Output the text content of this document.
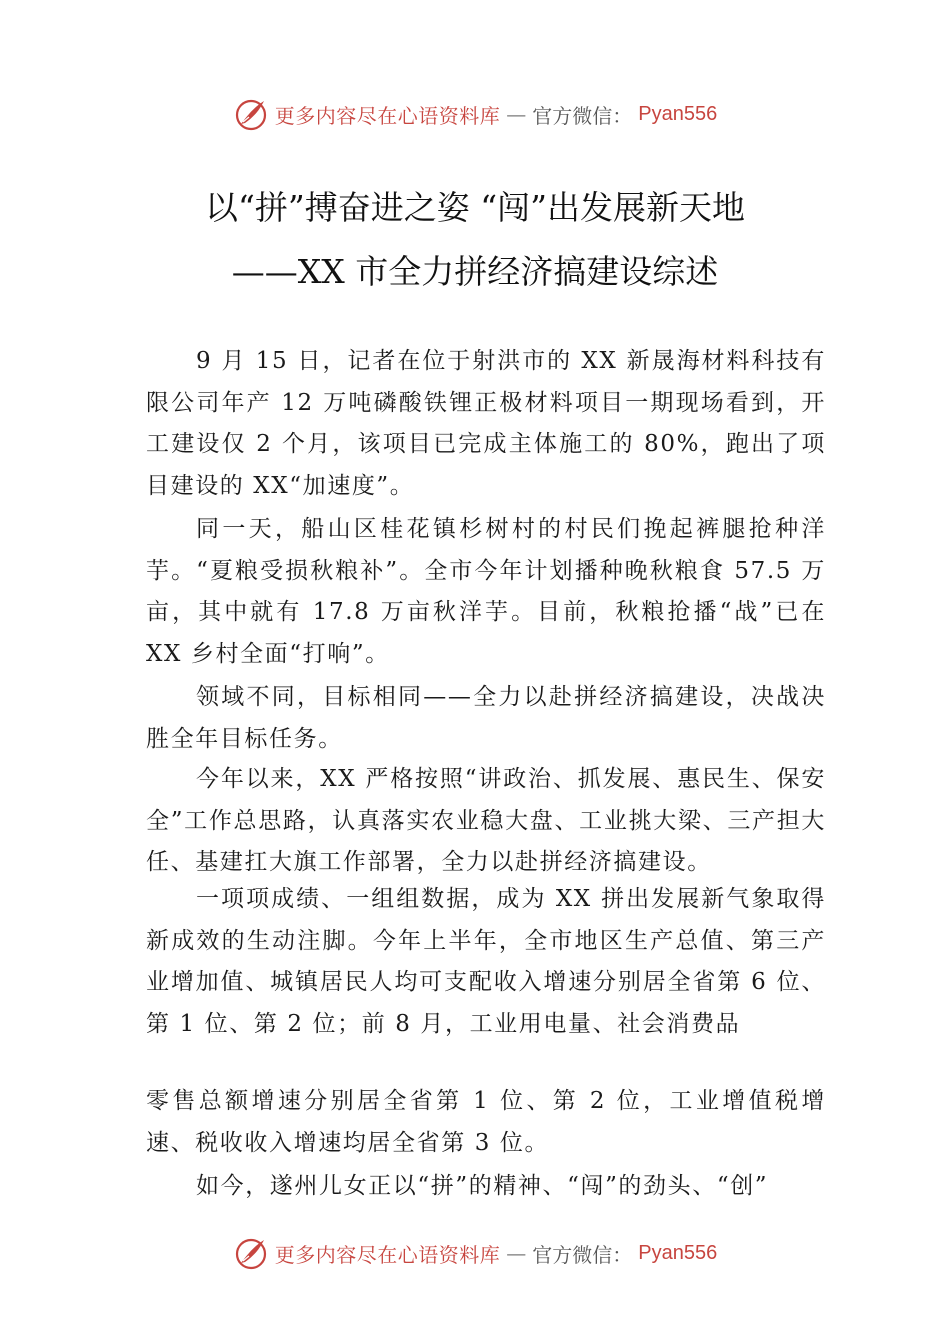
更多内容尽在心语资料库 — 官方微信： Pyan556
以“拼”搏奋进之姿 “闯”出发展新天地
——XX 市全力拼经济搞建设综述

9 月 15 日，记者在位于射洪市的 XX 新晟海材料科技有限公司年产 12 万吨磷酸铁锂正极材料项目一期现场看到，开工建设仅 2 个月，该项目已完成主体施工的 80%，跑出了项目建设的 XX“加速度”。

同一天，船山区桂花镇杉树村的村民们挽起裤腿抢种洋芋。“夏粮受损秋粮补”。全市今年计划播种晚秋粮食 57.5 万亩，其中就有 17.8 万亩秋洋芋。目前，秋粮抢播“战”已在 XX 乡村全面“打响”。

领域不同，目标相同——全力以赴拼经济搞建设，决战决胜全年目标任务。

今年以来，XX 严格按照“讲政治、抓发展、惠民生、保安全”工作总思路，认真落实农业稳大盘、工业挑大梁、三产担大任、基建扛大旗工作部署，全力以赴拼经济搞建设。

一项项成绩、一组组数据，成为 XX 拼出发展新气象取得新成效的生动注脚。今年上半年，全市地区生产总值、第三产业增加值、城镇居民人均可支配收入增速分别居全省第 6 位、第 1 位、第 2 位；前 8 月，工业用电量、社会消费品

零售总额增速分别居全省第 1 位、第 2 位，工业增值税增速、税收收入增速均居全省第 3 位。

如今，遂州儿女正以“拼”的精神、“闯”的劲头、“创”

更多内容尽在心语资料库 — 官方微信： Pyan556
